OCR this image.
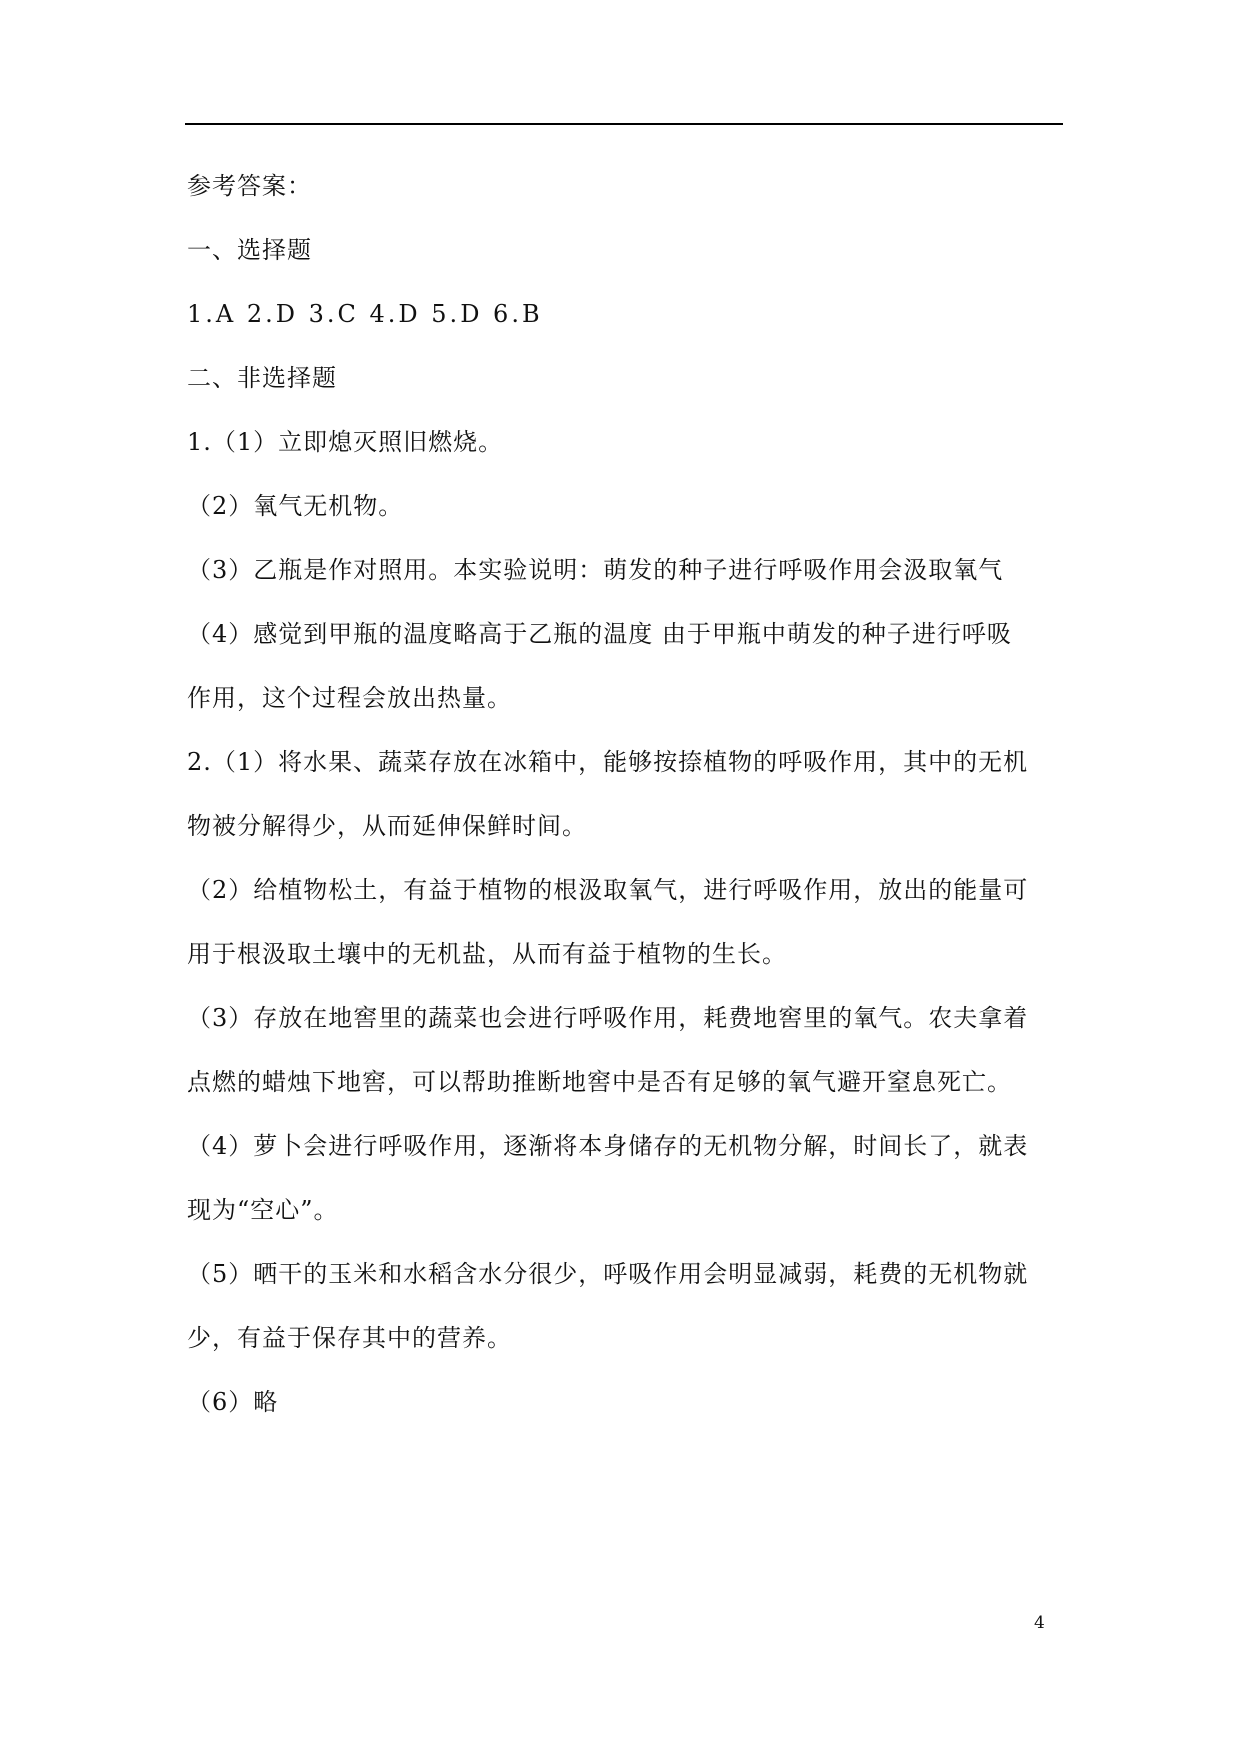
参考答案：
一、选择题
1.A 2.D 3.C 4.D 5.D 6.B
二、非选择题
1.（1）立即熄灭照旧燃烧。
（2）氧气无机物。
（3）乙瓶是作对照用。本实验说明：萌发的种子进行呼吸作用会汲取氧气
（4）感觉到甲瓶的温度略高于乙瓶的温度 由于甲瓶中萌发的种子进行呼吸
作用，这个过程会放出热量。
2.（1）将水果、蔬菜存放在冰箱中，能够按捺植物的呼吸作用，其中的无机
物被分解得少，从而延伸保鲜时间。
（2）给植物松土，有益于植物的根汲取氧气，进行呼吸作用，放出的能量可
用于根汲取土壤中的无机盐，从而有益于植物的生长。
（3）存放在地窖里的蔬菜也会进行呼吸作用，耗费地窖里的氧气。农夫拿着
点燃的蜡烛下地窖，可以帮助推断地窖中是否有足够的氧气避开窒息死亡。
（4）萝卜会进行呼吸作用，逐渐将本身储存的无机物分解，时间长了，就表
现为“空心”。
（5）晒干的玉米和水稻含水分很少，呼吸作用会明显减弱，耗费的无机物就
少，有益于保存其中的营养。
（6）略
4
